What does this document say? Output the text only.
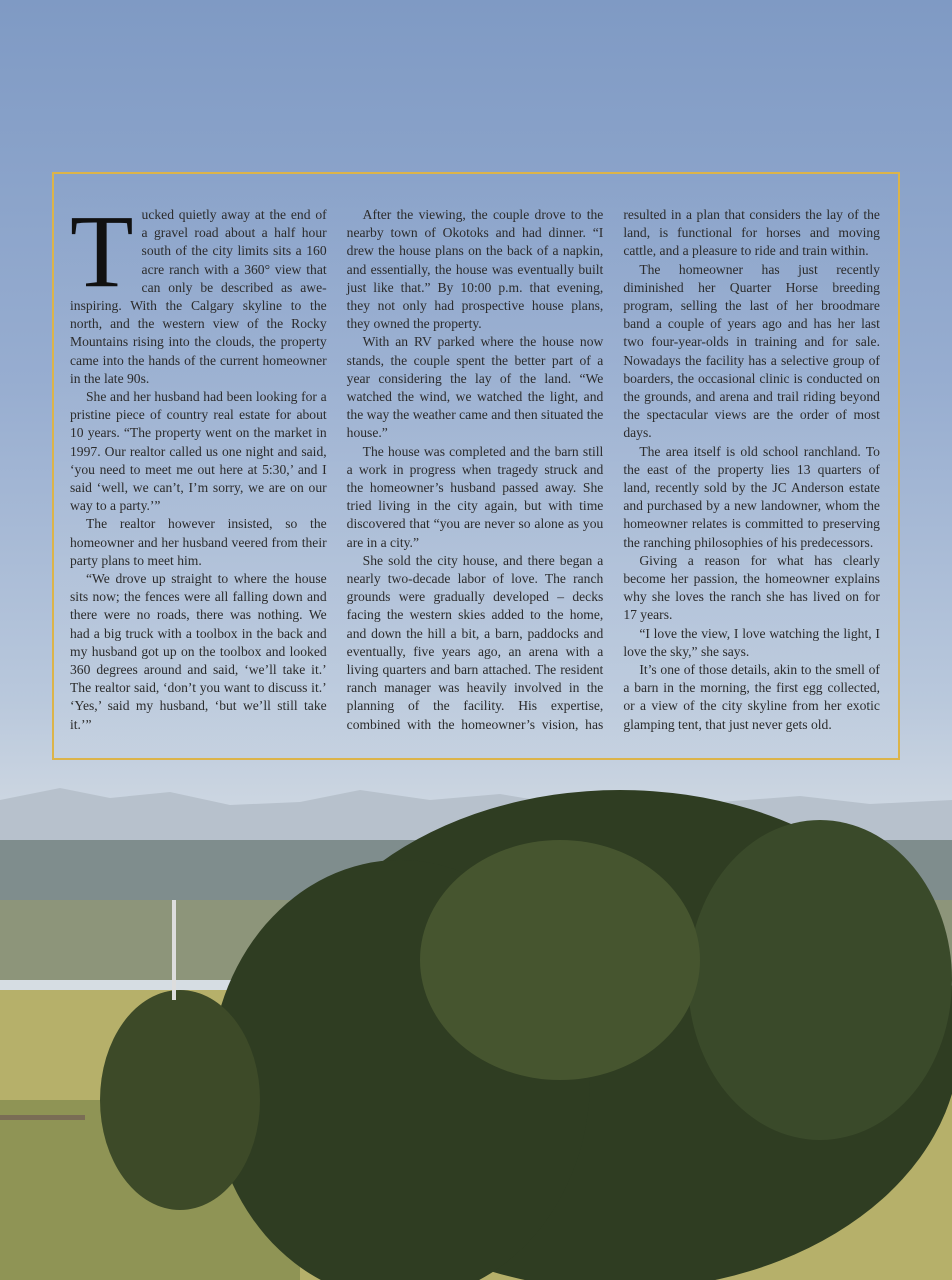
Tucked quietly away at the end of a gravel road about a half hour south of the city limits sits a 160 acre ranch with a 360° view that can only be described as awe-inspiring. With the Calgary skyline to the north, and the western view of the Rocky Mountains rising into the clouds, the property came into the hands of the current homeowner in the late 90s.

She and her husband had been looking for a pristine piece of country real estate for about 10 years. “The property went on the market in 1997. Our realtor called us one night and said, ‘you need to meet me out here at 5:30,’ and I said ‘well, we can’t, I’m sorry, we are on our way to a party.’”

The realtor however insisted, so the homeowner and her husband veered from their party plans to meet him.

“We drove up straight to where the house sits now; the fences were all falling down and there were no roads, there was nothing. We had a big truck with a toolbox in the back and my husband got up on the toolbox and looked 360 degrees around and said, ‘we’ll take it.’ The realtor said, ‘don’t you want to discuss it.’ ‘Yes,’ said my husband, ‘but we’ll still take it.’”

After the viewing, the couple drove to the nearby town of Okotoks and had dinner. “I drew the house plans on the back of a napkin, and essentially, the house was eventually built just like that.” By 10:00 p.m. that evening, they not only had prospective house plans, they owned the property.

With an RV parked where the house now stands, the couple spent the better part of a year considering the lay of the land. “We watched the wind, we watched the light, and the way the weather came and then situated the house.”

The house was completed and the barn still a work in progress when tragedy struck and the homeowner’s husband passed away. She tried living in the city again, but with time discovered that “you are never so alone as you are in a city.”

She sold the city house, and there began a nearly two-decade labor of love. The ranch grounds were gradually developed – decks facing the western skies added to the home, and down the hill a bit, a barn, paddocks and eventually, five years ago, an arena with a living quarters and barn attached. The resident ranch manager was heavily involved in the planning of the facility. His expertise, combined with the homeowner’s vision, has resulted in a plan that considers the lay of the land, is functional for horses and moving cattle, and a pleasure to ride and train within.

The homeowner has just recently diminished her Quarter Horse breeding program, selling the last of her broodmare band a couple of years ago and has her last two four-year-olds in training and for sale. Nowadays the facility has a selective group of boarders, the occasional clinic is conducted on the grounds, and arena and trail riding beyond the spectacular views are the order of most days.

The area itself is old school ranchland. To the east of the property lies 13 quarters of land, recently sold by the JC Anderson estate and purchased by a new landowner, whom the homeowner relates is committed to preserving the ranching philosophies of his predecessors.

Giving a reason for what has clearly become her passion, the homeowner explains why she loves the ranch she has lived on for 17 years.

“I love the view, I love watching the light, I love the sky,” she says.

It’s one of those details, akin to the smell of a barn in the morning, the first egg collected, or a view of the city skyline from her exotic glamping tent, that just never gets old.
